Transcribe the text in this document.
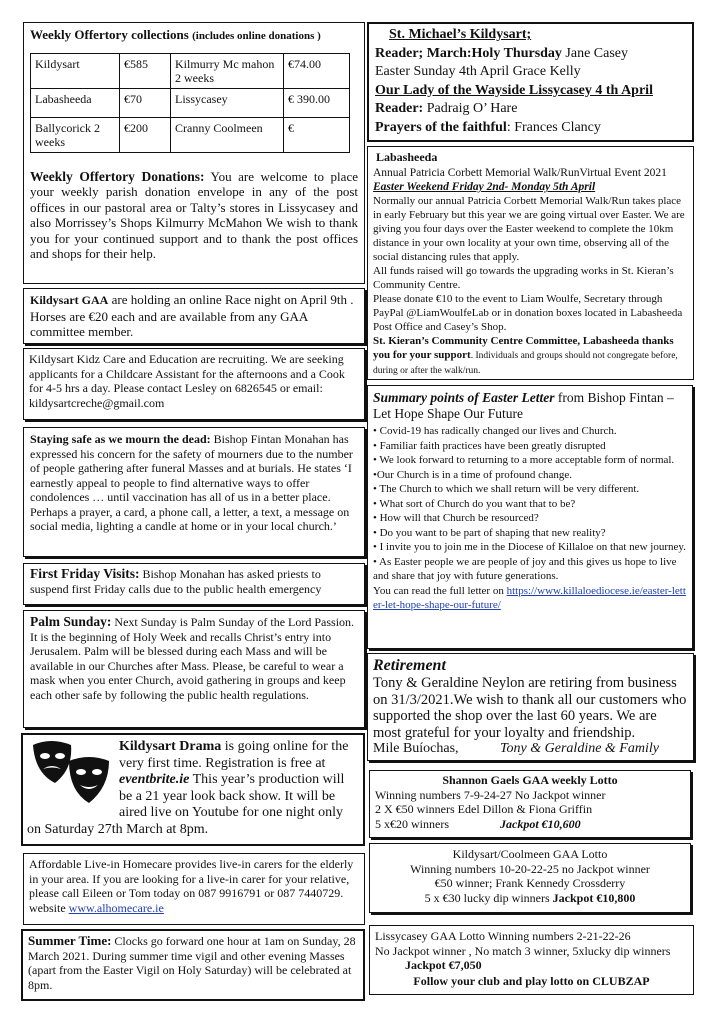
Weekly Offertory collections (includes online donations )

Kildysart	€585	Kilmurry Mc mahon 2 weeks	€74.00
Labasheeda	€70	Lissycasey	€ 390.00
Ballycorick 2 weeks	€200	Cranny Coolmeen	€

Weekly Offertory Donations: You are welcome to place your weekly parish donation envelope in any of the post offices in our pastoral area or Talty’s stores in Lissycasey and also Morrissey’s Shops Kilmurry McMahon We wish to thank you for your continued support and to thank the post offices and shops for their help.

Kildysart GAA are holding an online Race night on April 9th . Horses are €20 each and are available from any GAA committee member.

Kildysart Kidz Care and Education are recruiting. We are seeking applicants for a Childcare Assistant for the afternoons and a Cook for 4-5 hrs a day. Please contact Lesley on 6826545 or email: kildysartcreche@gmail.com

Staying safe as we mourn the dead: Bishop Fintan Monahan has expressed his concern for the safety of mourners due to the number of people gathering after funeral Masses and at burials. He states ‘I earnestly appeal to people to find alternative ways to offer condolences … until vaccination has all of us in a better place. Perhaps a prayer, a card, a phone call, a letter, a text, a message on social media, lighting a candle at home or in your local church.’

First Friday Visits: Bishop Monahan has asked priests to suspend first Friday calls due to the public health emergency

Palm Sunday: Next Sunday is Palm Sunday of the Lord Passion. It is the beginning of Holy Week and recalls Christ’s entry into Jerusalem. Palm will be blessed during each Mass and will be available in our Churches after Mass. Please, be careful to wear a mask when you enter Church, avoid gathering in groups and keep each other safe by following the public health regulations.

Kildysart Drama is going online for the very first time. Registration is free at eventbrite.ie This year’s production will be a 21 year look back show. It will be aired live on Youtube for one night only on Saturday 27th March at 8pm.

Affordable Live-in Homecare provides live-in carers for the elderly in your area. If you are looking for a live-in carer for your relative, please call Eileen or Tom today on 087 9916791 or 087 7440729. website www.alhomecare.ie

Summer Time: Clocks go forward one hour at 1am on Sunday, 28 March 2021. During summer time vigil and other evening Masses (apart from the Easter Vigil on Holy Saturday) will be celebrated at 8pm.

St. Michael’s Kildysart;

Reader; March:Holy Thursday Jane Casey

Easter Sunday 4th April Grace Kelly

Our Lady of the Wayside Lissycasey 4 th April

Reader: Padraig O’ Hare

Prayers of the faithful: Frances Clancy

Labasheeda

Annual Patricia Corbett Memorial Walk/RunVirtual Event 2021

Easter Weekend Friday 2nd- Monday 5th April

Normally our annual Patricia Corbett Memorial Walk/Run takes place in early February but this year we are going virtual over Easter. We are giving you four days over the Easter weekend to complete the 10km distance in your own locality at your own time, observing all of the social distancing rules that apply.

All funds raised will go towards the upgrading works in St. Kieran’s Community Centre.

Please donate €10 to the event to Liam Woulfe, Secretary through PayPal @LiamWoulfeLab or in donation boxes located in Labasheeda Post Office and Casey’s Shop.

St. Kieran’s Community Centre Committee, Labasheeda thanks you for your support. Individuals and groups should not congregate before, during or after the walk/run.

Summary points of Easter Letter from Bishop Fintan – Let Hope Shape Our Future

• Covid-19 has radically changed our lives and Church.

• Familiar faith practices have been greatly disrupted

• We look forward to returning to a more acceptable form of normal.

•Our Church is in a time of profound change.

• The Church to which we shall return will be very different.

• What sort of Church do you want that to be?

• How will that Church be resourced?

• Do you want to be part of shaping that new reality?

• I invite you to join me in the Diocese of Killaloe on that new journey.

• As Easter people we are people of joy and this gives us hope to live and share that joy with future generations.

You can read the full letter on https://www.killaloediocese.ie/easter-letter-let-hope-shape-our-future/

Retirement

Tony & Geraldine Neylon are retiring from business on 31/3/2021.We wish to thank all our customers who supported the shop over the last 60 years. We are most grateful for your loyalty and friendship.

Mile Buíochas,	Tony & Geraldine & Family

Shannon Gaels GAA weekly Lotto

Winning numbers 7-9-24-27 No Jackpot winner

2 X €50 winners Edel Dillon & Fiona Griffin

5 x€20 winners	Jackpot €10,600

Kildysart/Coolmeen GAA Lotto

Winning numbers 10-20-22-25 no Jackpot winner

€50 winner; Frank Kennedy Crossderry

5 x €30 lucky dip winners Jackpot €10,800

Lissycasey GAA Lotto Winning numbers 2-21-22-26

No Jackpot winner , No match 3 winner, 5xlucky dip winners Jackpot €7,050

Follow your club and play lotto on CLUBZAP
